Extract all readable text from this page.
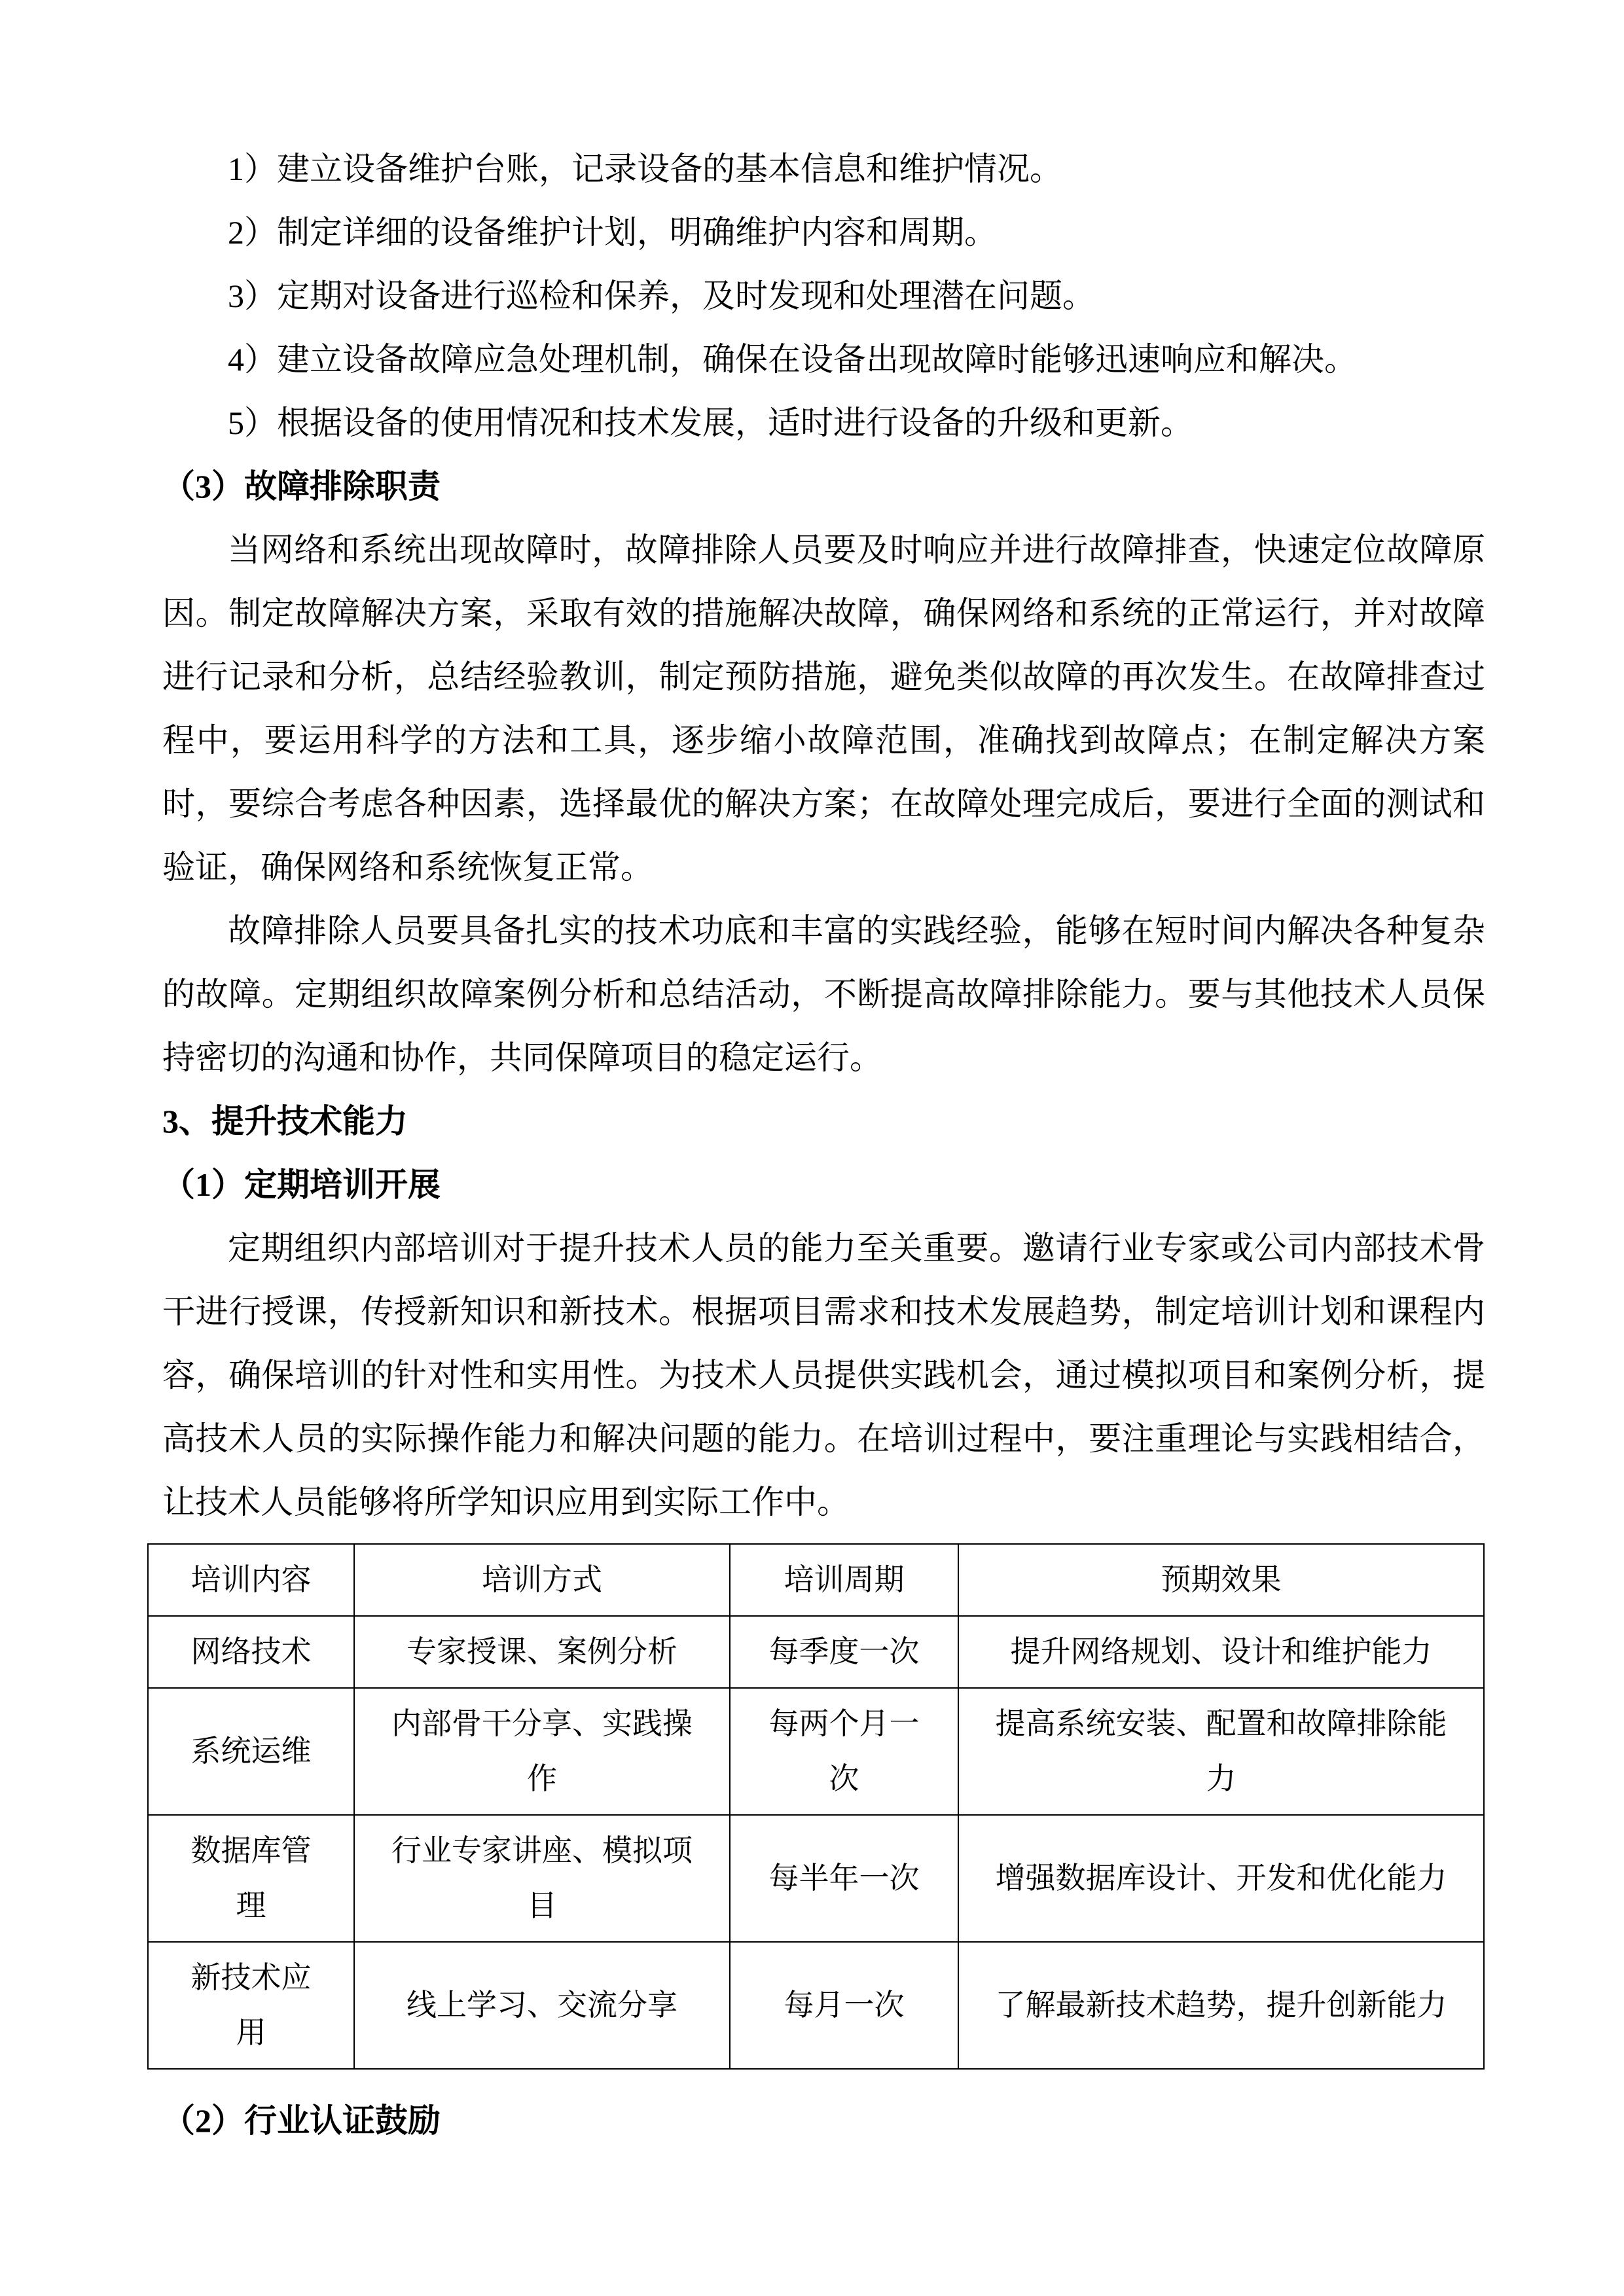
1）建立设备维护台账，记录设备的基本信息和维护情况。
2）制定详细的设备维护计划，明确维护内容和周期。
3）定期对设备进行巡检和保养，及时发现和处理潜在问题。
4）建立设备故障应急处理机制，确保在设备出现故障时能够迅速响应和解决。
5）根据设备的使用情况和技术发展，适时进行设备的升级和更新。
（3）故障排除职责
当网络和系统出现故障时，故障排除人员要及时响应并进行故障排查，快速定位故障原因。制定故障解决方案，采取有效的措施解决故障，确保网络和系统的正常运行，并对故障进行记录和分析，总结经验教训，制定预防措施，避免类似故障的再次发生。在故障排查过程中，要运用科学的方法和工具，逐步缩小故障范围，准确找到故障点；在制定解决方案时，要综合考虑各种因素，选择最优的解决方案；在故障处理完成后，要进行全面的测试和验证，确保网络和系统恢复正常。
故障排除人员要具备扎实的技术功底和丰富的实践经验，能够在短时间内解决各种复杂的故障。定期组织故障案例分析和总结活动，不断提高故障排除能力。要与其他技术人员保持密切的沟通和协作，共同保障项目的稳定运行。
3、提升技术能力
（1）定期培训开展
定期组织内部培训对于提升技术人员的能力至关重要。邀请行业专家或公司内部技术骨干进行授课，传授新知识和新技术。根据项目需求和技术发展趋势，制定培训计划和课程内容，确保培训的针对性和实用性。为技术人员提供实践机会，通过模拟项目和案例分析，提高技术人员的实际操作能力和解决问题的能力。在培训过程中，要注重理论与实践相结合，让技术人员能够将所学知识应用到实际工作中。
培训内容	培训方式	培训周期	预期效果
网络技术	专家授课、案例分析	每季度一次	提升网络规划、设计和维护能力
系统运维	内部骨干分享、实践操作	每两个月一次	提高系统安装、配置和故障排除能力
数据库管理	行业专家讲座、模拟项目	每半年一次	增强数据库设计、开发和优化能力
新技术应用	线上学习、交流分享	每月一次	了解最新技术趋势，提升创新能力
（2）行业认证鼓励
